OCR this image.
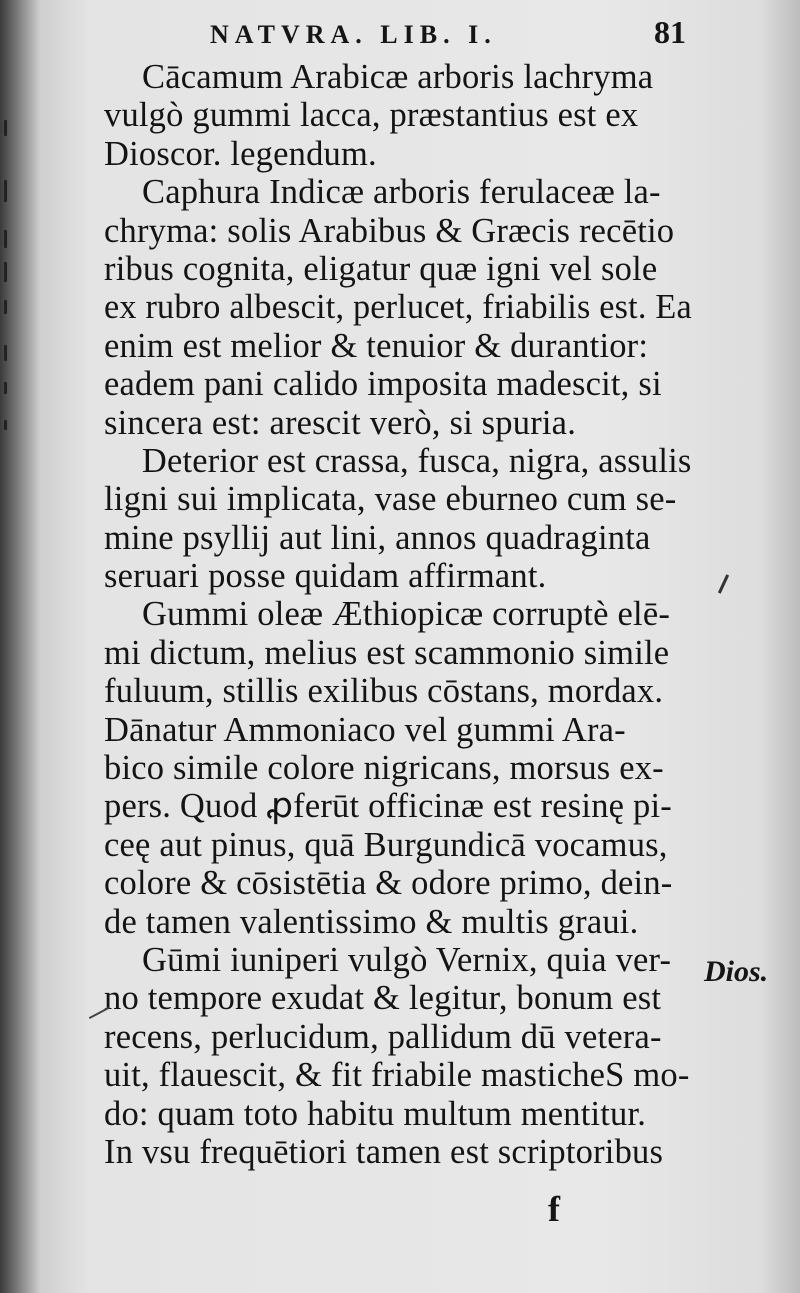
NATVRA. LIB. I.	81
Cācamum Arabicæ arboris lachryma
vulgò gummi lacca, præstantius est ex
Dioscor. legendum.
Caphura Indicæ arboris ferulaceæ la-
chryma: solis Arabibus & Græcis recētio
ribus cognita, eligatur quæ igni vel sole
ex rubro albescit, perlucet, friabilis est. Ea
enim est melior & tenuior & durantior:
eadem pani calido imposita madescit, si
sincera est: arescit verò, si spuria.
Deterior est crassa, fusca, nigra, assulis
ligni sui implicata, vase eburneo cum se-
mine psyllij aut lini, annos quadraginta
seruari posse quidam affirmant.
Gummi oleæ Æthiopicæ corruptè elē-
mi dictum, melius est scammonio simile
fuluum, stillis exilibus cōstans, mordax.
Dānatur Ammoniaco vel gummi Ara-
bico simile colore nigricans, morsus ex-
pers. Quod ꝓferūt officinæ est resinę pi-
ceę aut pinus, quā Burgundicā vocamus,
colore & cōsistētia & odore primo, dein-
de tamen valentissimo & multis graui.
Gūmi iuniperi vulgò Vernix, quia ver-
no tempore exudat & legitur, bonum est
recens, perlucidum, pallidum dū vetera-
uit, flauescit, & fit friabile masticheS mo-
do: quam toto habitu multum mentitur.
In vsu frequētiori tamen est scriptoribus
Dios.
f
